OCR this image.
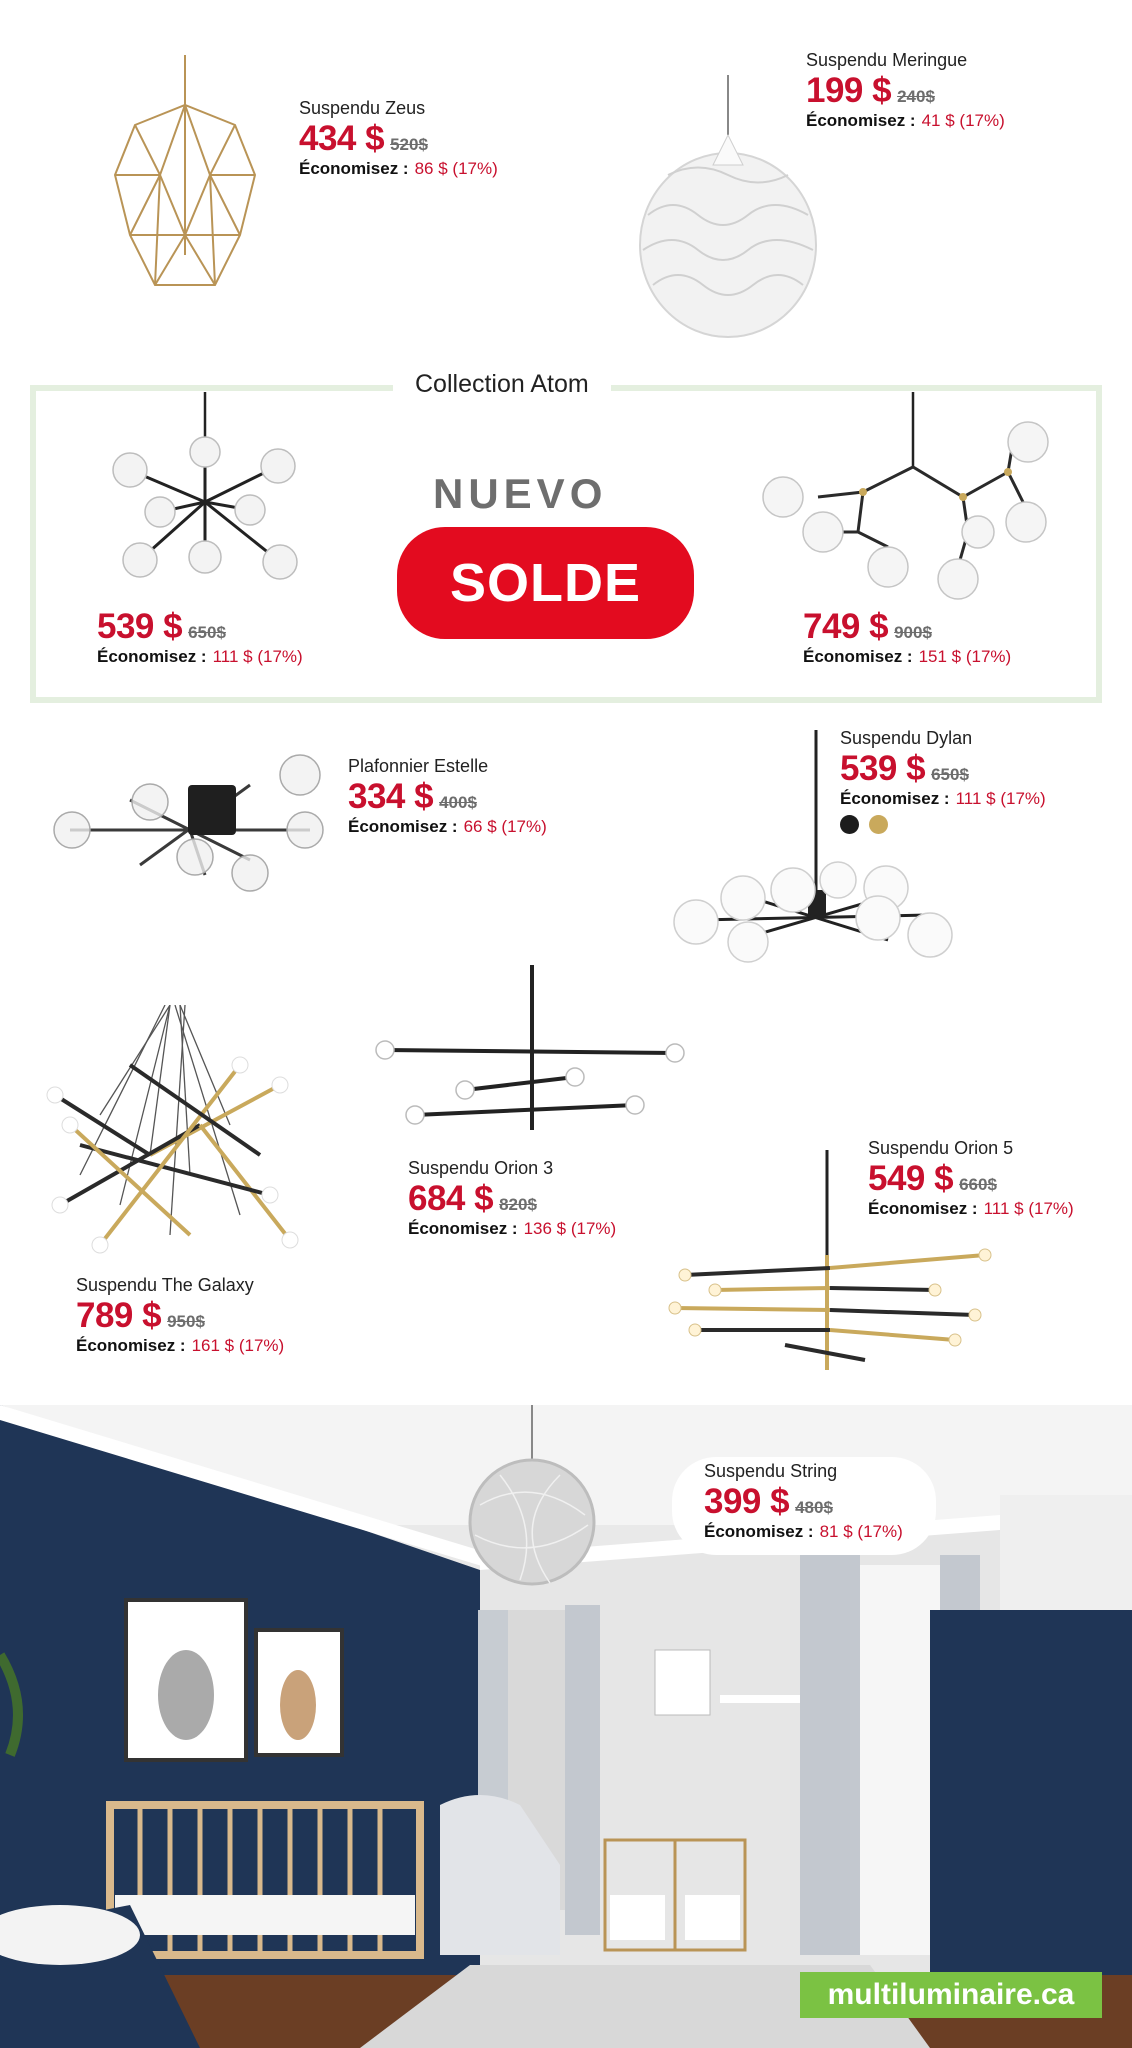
Suspendu Zeus
434 $ 520$
Économisez : 86 $ (17%)
Suspendu Meringue
199 $ 240$
Économisez : 41 $ (17%)
Collection Atom
539 $ 650$
Économisez : 111 $ (17%)
NUEVO
SOLDE
749 $ 900$
Économisez : 151 $ (17%)
Plafonnier Estelle
334 $ 400$
Économisez : 66 $ (17%)
Suspendu Dylan
539 $ 650$
Économisez : 111 $ (17%)

Suspendu The Galaxy
789 $ 950$
Économisez : 161 $ (17%)
Suspendu Orion 3
684 $ 820$
Économisez : 136 $ (17%)
Suspendu Orion 5
549 $ 660$
Économisez : 111 $ (17%)
Suspendu String
399 $ 480$
Économisez : 81 $ (17%)
multiluminaire.ca
